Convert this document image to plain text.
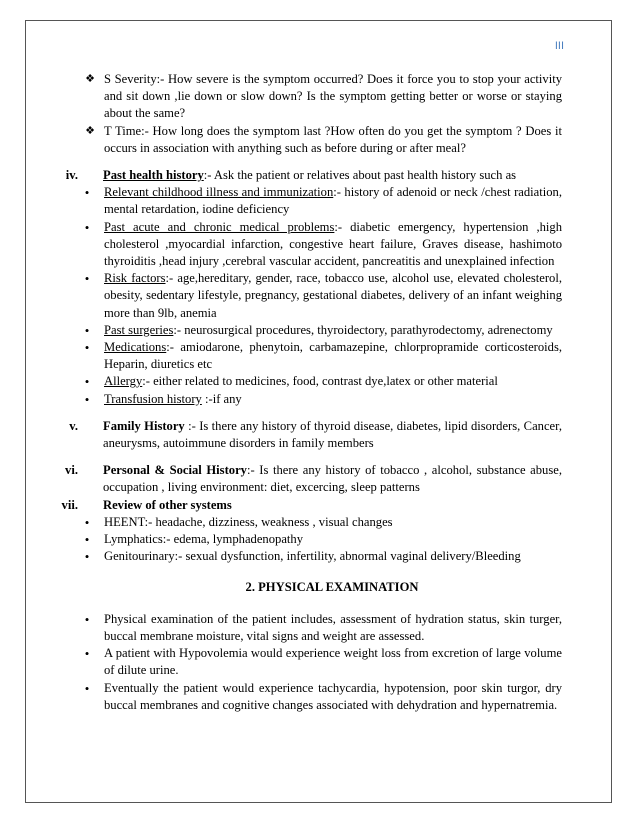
III
❖ S Severity:- How severe is the symptom occurred? Does it force you to stop your activity and sit down ,lie down or slow down? Is the symptom getting better or worse or staying about the same?

❖ T Time:- How long does the symptom last ?How often do you get the symptom ? Does it occurs in association with anything such as before during or after meal?

iv. Past health history:- Ask the patient or relatives about past health history such as

• Relevant childhood illness and immunization:- history of adenoid or neck /chest radiation, mental retardation, iodine deficiency

• Past acute and chronic medical problems:- diabetic emergency, hypertension ,high cholesterol ,myocardial infarction, congestive heart failure, Graves disease, hashimoto thyroiditis ,head injury ,cerebral vascular accident, pancreatitis and unexplained infection

• Risk factors:- age,hereditary, gender, race, tobacco use, alcohol use, elevated cholesterol, obesity, sedentary lifestyle, pregnancy, gestational diabetes, delivery of an infant weighing more than 9lb, anemia

• Past surgeries:- neurosurgical procedures, thyroidectory, parathyrodectomy, adrenectomy

• Medications:- amiodarone, phenytoin, carbamazepine, chlorpropramide corticosteroids, Heparin, diuretics etc

• Allergy:- either related to medicines, food, contrast dye,latex or other material

• Transfusion history :-if any

v. Family History :- Is there any history of thyroid disease, diabetes, lipid disorders, Cancer, aneurysms, autoimmune disorders in family members

vi. Personal & Social History:- Is there any history of tobacco , alcohol, substance abuse, occupation , living environment: diet, excercing, sleep patterns

vii. Review of other systems

• HEENT:- headache, dizziness, weakness , visual changes

• Lymphatics:- edema, lymphadenopathy

• Genitourinary:- sexual dysfunction, infertility, abnormal vaginal delivery/Bleeding

2. PHYSICAL EXAMINATION

• Physical examination of the patient includes, assessment of hydration status, skin turger, buccal membrane moisture, vital signs and weight are assessed.

• A patient with Hypovolemia would experience weight loss from excretion of large volume of dilute urine.

• Eventually the patient would experience tachycardia, hypotension, poor skin turgor, dry buccal membranes and cognitive changes associated with dehydration and hypernatremia.
